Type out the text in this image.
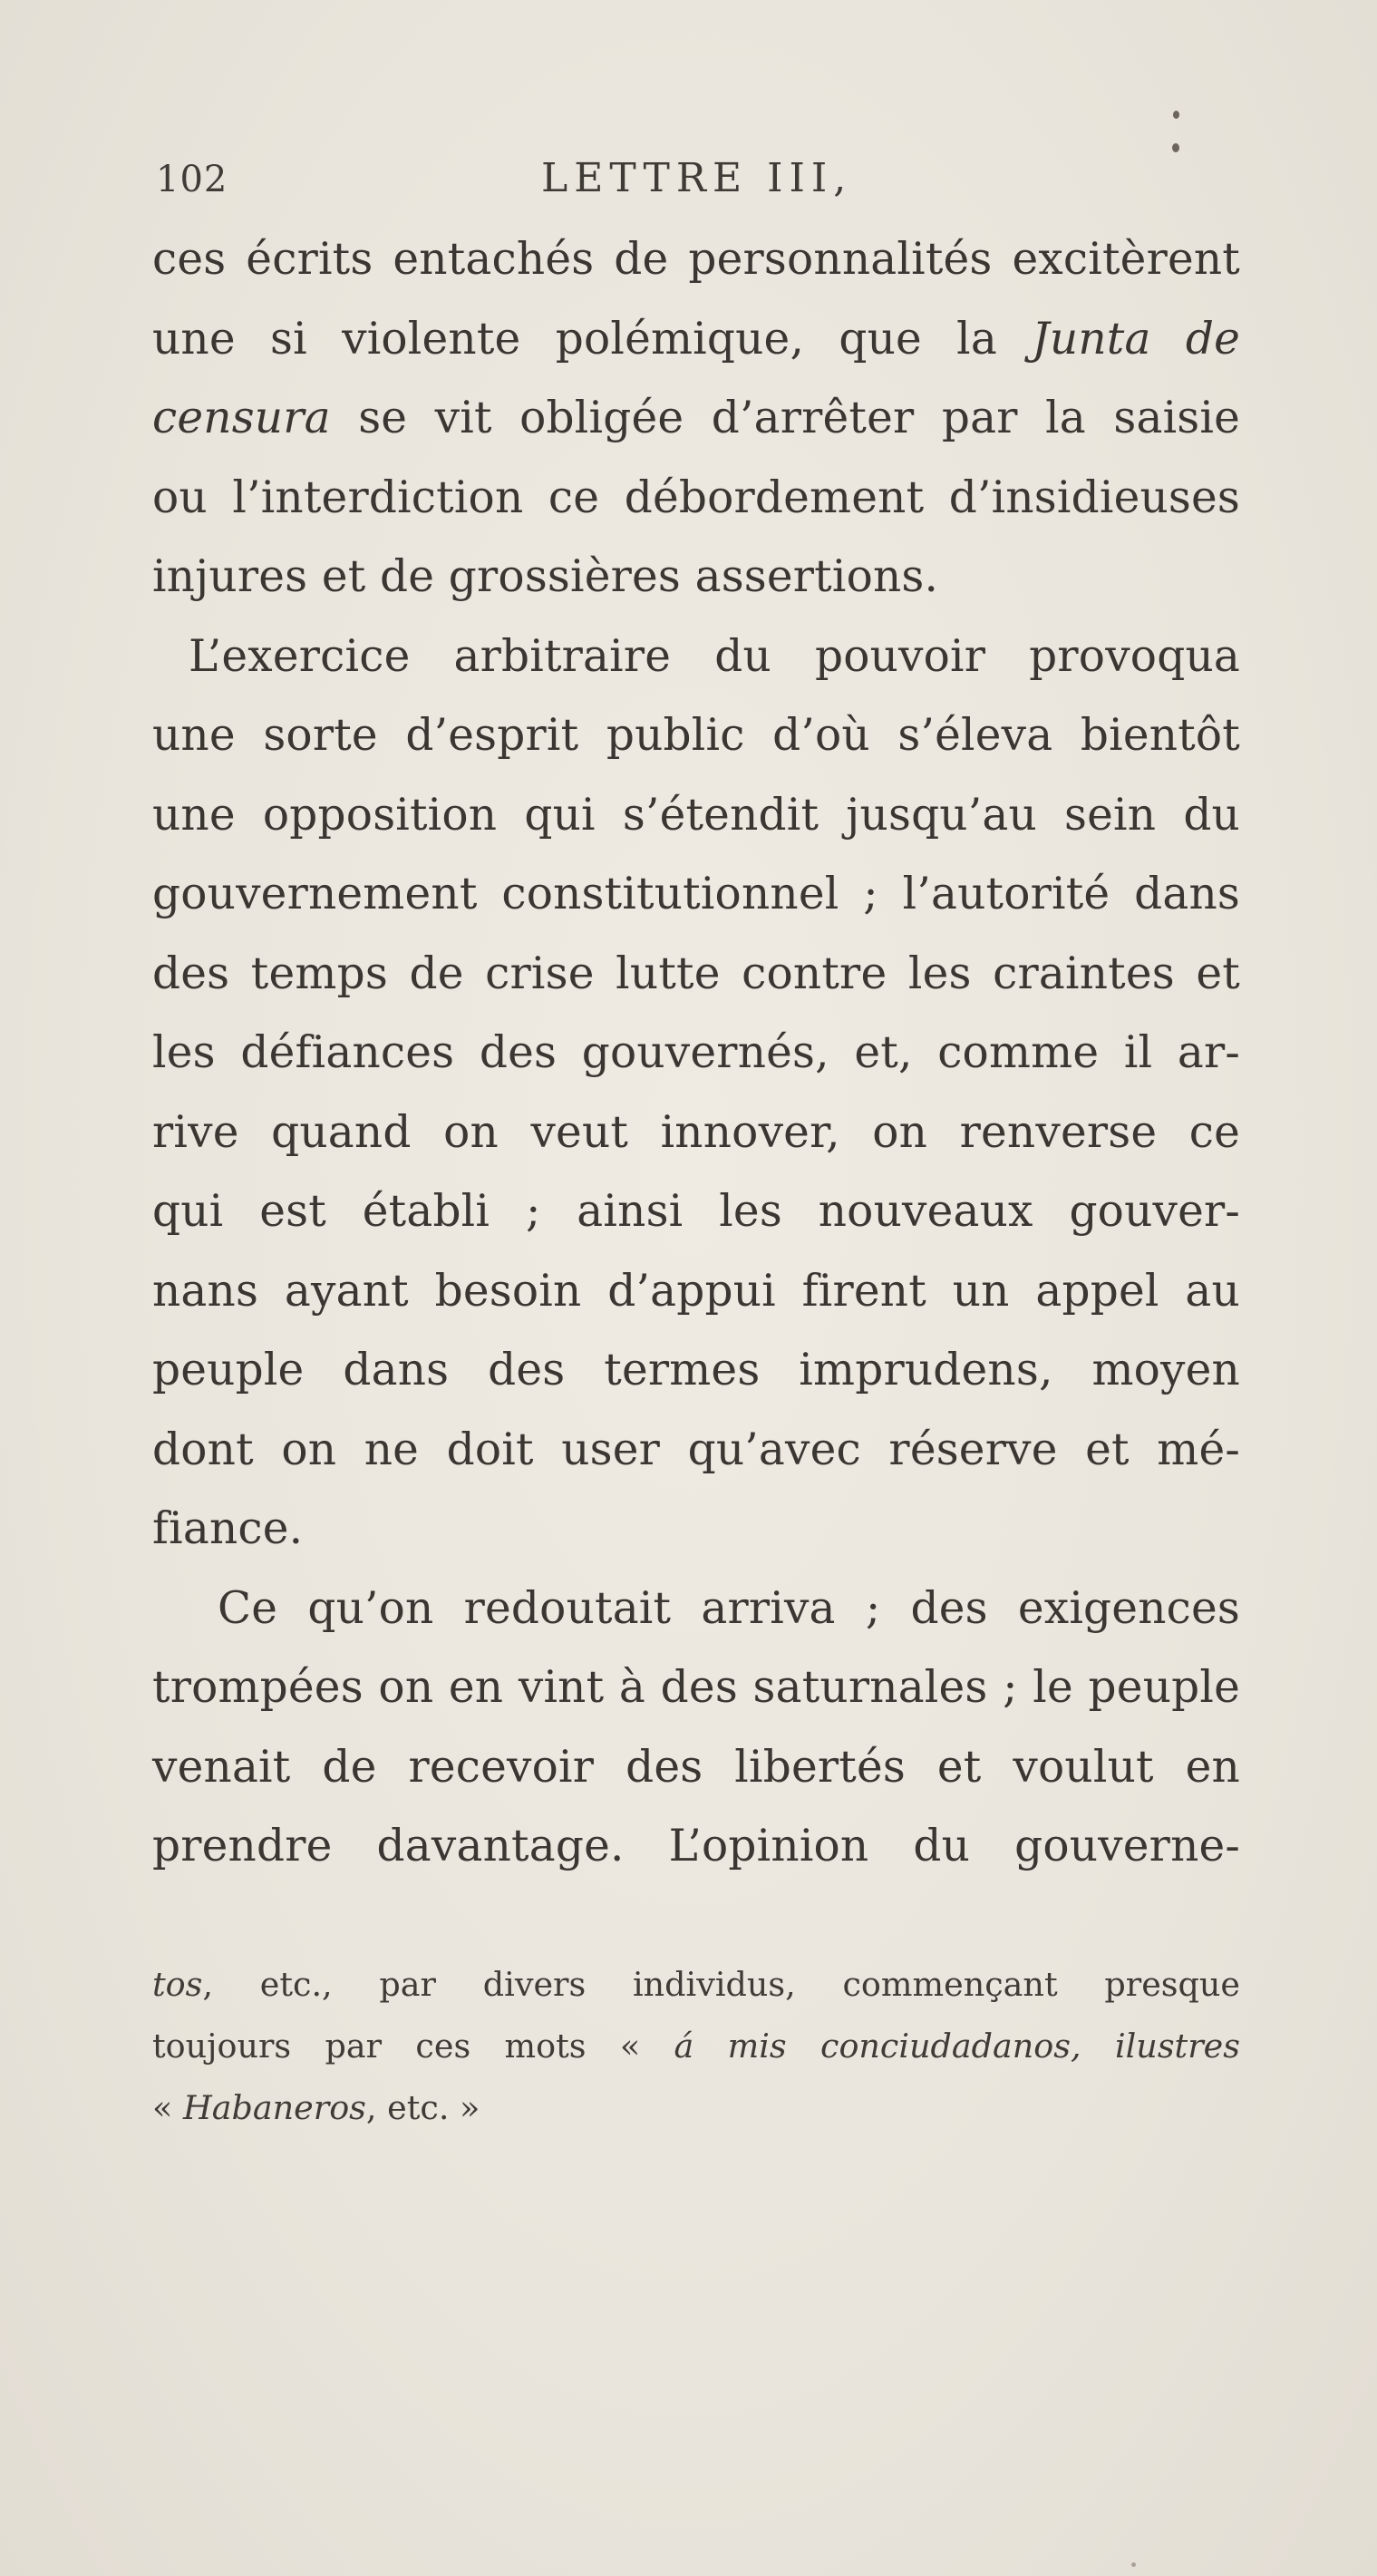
102	LETTRE III,
ces écrits entachés de personnalités excitèrent
une si violente polémique, que la Junta de
censura se vit obligée d’arrêter par la saisie
ou l’interdiction ce débordement d’insidieuses
injures et de grossières assertions.
L’exercice arbitraire du pouvoir provoqua
une sorte d’esprit public d’où s’éleva bientôt
une opposition qui s’étendit jusqu’au sein du
gouvernement constitutionnel ; l’autorité dans
des temps de crise lutte contre les craintes et
les défiances des gouvernés, et, comme il ar-
rive quand on veut innover, on renverse ce
qui est établi ; ainsi les nouveaux gouver-
nans ayant besoin d’appui firent un appel au
peuple dans des termes imprudens, moyen
dont on ne doit user qu’avec réserve et mé-
fiance.
Ce qu’on redoutait arriva ; des exigences
trompées on en vint à des saturnales ; le peuple
venait de recevoir des libertés et voulut en
prendre davantage. L’opinion du gouverne-
tos, etc., par divers individus, commençant presque
toujours par ces mots « á mis conciudadanos, ilustres
« Habaneros, etc. »
